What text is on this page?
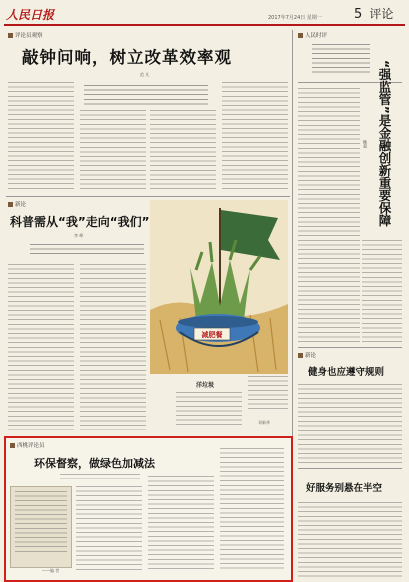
人民日报	2017年7月24日 星期一 5 评论
评论员观察
敲钟问响，树立改革效率观
范 凡
新论
科普需从“我”走向“我们”
李 峥
减肥餐
洋垃圾
邓新华
人民时评
“强监管”是金融创新重要保障
鲍超
新论
健身也应遵守规则
好服务别悬在半空
西桃评论员
环保督察，做绿色加减法
——编 者
